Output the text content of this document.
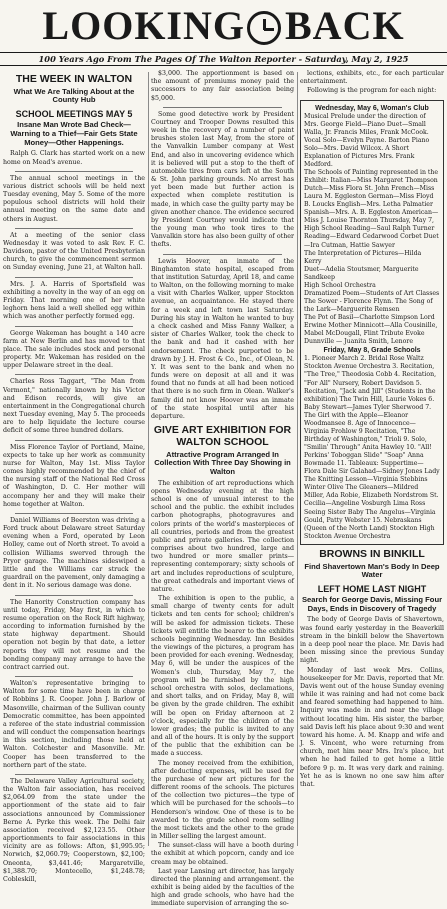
LOOKING BACK
100 Years Ago From The Pages Of The Walton Reporter - Saturday, May 2, 1925
THE WEEK IN WALTON
What We Are Talking About at the County Hub
SCHOOL MEETINGS MAY 5
Insane Man Wrote Bad Check—Warning to a Thief—Fair Gets State Money—Other Happenings.

Ralph G. Clark has started work on a new home on Mead's avenue.

The annual school meetings in the various district schools will be held next Tuesday evening, May 5. Some of the more populous school districts will hold their annual meeting on the same date and others in August.

At a meeting of the senior class Wednesday it was voted to ask Rev. F. C. Davidson, pastor of the United Presbyterian church, to give the commencement sermon on Sunday evening, June 21, at Walton hall.

Mrs. J. A. Harris of Sportsfield was exhibiting a novelty in the way of an egg on Friday. That morning one of her white leghorn hens laid a well shelled egg within which was another perfectly formed egg.

George Wakeman has bought a 140 acre farm at New Berlin and has moved to that place. The sale includes stock and personal property. Mr. Wakeman has resided on the upper Delaware street in the deal.

Charles Ross Taggart, "The Man from Vermont," nationally known by his Victor and Edison records, will give an entertainment in the Congregational church next Tuesday evening, May 5. The proceeds are to help liquidate the lecture course deficit of some three hundred dollars.

Miss Florence Taylor of Portland, Maine, expects to take up her work as community nurse for Walton, May 1st. Miss Taylor comes highly recommended by the chief of the nursing staff of the National Red Cross of Washington, D. C. Her mother will accompany her and they will make their home together at Walton.

Daniel Williams of Beerston was driving a Ford truck about Delaware street Saturday evening when a Ford, operated by Leon Holley, came out of North street. To avoid a collision Williams swerved through the Pryor garage. The machines sideswiped a little and the Williams car struck the guardrail on the pavement, only damaging a dent in it. No serious damage was done.

The Hanority Construction company has until today, Friday, May first, in which to resume operation on the Rock Rift highway, according to information furnished by the state highway department. Should operation not begin by that date, a letter reports they will not resume and the bonding company may arrange to have the contract carried out.

Walton's representative bringing to Walton for some time have been in charge of Robbins J. R. Cooper. John J. Barlow of Masonville, chairman of the Sullivan county Democratic committee, has been appointed a referee of the state industrial commission and will conduct the compensation hearings in this section, including those held at Walton. Colchester and Masonville. Mr. Cooper has been transferred to the northern part of the state.

The Delaware Valley Agricultural society, the Walton fair association, has received $2,064.09 from the state under the apportionment of the state aid to fair associations announced by Commissioner Berne A. Pyrke this week. The Delhi fair association received $2,123.55. Other apportionments to fair associations in this vicinity are as follows: Afton, $1,995.95; Norwich, $2,060.79; Cooperstown, $2,100; Oneonta, $3,441.46; Margaretville, $1,388.70; Montecello, $1,248.78; Cobleskill,

$3,000. The apportionment is based on the amount of premiums money paid the successors to any fair association being $5,000.

Some good detective work by President Courtney and Trooper Downs resulted this week in the recovery of a number of paint brushes stolen last May, from the store of the Vanvalkin Lumber company at West End, and also in uncovering evidence which it is believed will put a stop to the theft of automobile tires from cars left at the South & St. John parking grounds. No arrest has yet been made but further action is expected when complete restitution is made, in which case the guilty party may be given another chance. The evidence secured by President Courtney would indicate that the young man who took tires to the Vanvalkin store has also been guilty of other thefts.

Lewis Hoover, an inmate of the Binghamton state hospital, escaped from that institution Saturday, April 18, and came to Walton, on the following morning to make a visit with Charles Walker, upper Stockton avenue, an acquaintance. He stayed there for a week and left town last Saturday. During his stay in Walton he wanted to buy a check cashed and Miss Fanny Walker, a sister of Charles Walker, took the check to the bank and had it cashed with her endorsement. The check purported to be drawn by J. H. Frost & Co., Inc., of Olean, N. Y. It was sent to the bank and when no funds were on deposit at all and it was found that no funds at all had been noticed that there is no such firm in Olean. Walker's family did not know Hoover was an inmate of the state hospital until after his departure.

GIVE ART EXHIBITION FOR WALTON SCHOOL
Attractive Program Arranged In Collection With Three Day Showing in Walton

The exhibition of art reproductions which opens Wednesday evening at the high school is one of unusual interest to the school and the public. the exhibit includes carbon photographs, photogravures and colors prints of the world's masterpieces of all countries, periods and from the greatest public and private galleries. The collection comprises about two hundred, large and two hundred or more smaller prints—representing contemporary; sixty schools of art and includes reproductions of sculpture, the great cathedrals and important views of nature.

The exhibition is open to the public, a small charge of twenty cents for adult tickets and ten cents for school; children's will be asked for admission tickets. These tickets will entitle the bearer to the exhibits schools beginning Wednesday. Inn Besides the viewings of the pictures, a program has been provided for each evening. Wednesday, May 6, will be under the auspices of the Women's club, Thursday, May 7, the program will be furnished by the high school orchestra with solos, declamations, and short talks, and on Friday, May 8, will be given by the grade children. The exhibit will be open on Friday afternoon at 2 o'clock, especially for the children of the lower grades; the public is invited to any and all of the hours. It is only by the support of the public that the exhibition can be made a success.

The money received from the exhibition, after deducting expenses, will be used for the purchase of new art pictures for the different rooms of the schools. The pictures of the collection two pictures—the type of which will be purchased for the schools—to Henderson's window. One of these is to be awarded to the grade school room selling the most tickets and the other to the grade in Miller selling the largest amount.

The sunset-class will have a booth during the exhibit at which popcorn, candy and ice cream may be obtained.

Last year Lansing art director, has largely directed the planning and arrangement. the exhibit is being aided by the faculties of the high and grade schools, who have had the immediate supervision of arranging the so-

lections, exhibits, etc., for each particular entertainment.

Following is the program for each night:

Wednesday, May 6, Woman's Club
Musical Prelude under the direction of Mrs. George Field—Piano Duet—Small Walla, Jr. Francis Miles, Frank McCook. Vocal Solo—Evelyn Payne. Barton Piano Solo—Mrs. David Wilcox. A Short Explanation of Pictures Mrs. Frank Medford.
The Schools of Painting represented in the Exhibit: Italian—Miss Margaret Thompson Dutch—Miss Flora St. John French—Miss Laura M. Eggleston German—Miss Floyd B. Loucks English—Mrs. Letha Palmatier Spanish—Mrs. A. B. Eggleston American—Miss J. Louise Thornton Thursday, May 7, High School Reading—Saul Ralph Turner Reading—Edward Cedarwood Corbet Duet—Ira Cutman, Hattie Sawyer
The Interpretation of Pictures—Hilda Kerry
Duet—Adelia Stoutsmer, Marguerite Sandkeep
High School Orchestra
Dramatized Poem—Students of Art Classes
The Sower - Florence Flynn. The Song of the Lark—Marguerite Remsen
The Pot of Basil—Charlotte Simpson Lord Erwine Mother Minnicott—Alla Cousinille, Mabel McDougall, Flint Tribute Evoke Dunnville — Juanita Smith, Lenore
Friday, May 8, Grade Schools
1. Pioneer March 2. Bridal Rose Waltz Stockton Avenue Orchestra 3. Recitation, "The Tree," Theodosia Cobb 4. Recitation, "For All" Nursery, Robert Davidson 5. Recitation, "Jack and Jill" (Students in the exhibition) The Twin Hill, Laurie Vokes 6. Baby Stewart—James Tyler Sherwood 7. The Girl with the Apple—Eleanor Woodmansee 8. Age of Innocence—Virginia Frohlow 9 Recitation, "The Birthday of Washington," Trioli 9. Solo, "Smilin' Through" Anita Hawley 10. "All! Perkins' Toboggan Slide" "Soap" Anna Bowmade 11. Tableaux: Suppertime—Flora Dale Sir Galahad—Sidney Jones Lady The Knitting Lesson—Virginia Stebbins Winter Olive The Gleaners—Mildred Miller, Ada Robie, Elizabeth Nordstrom St. Cecilia—Angeline Vosburgh Lima Ross Seeing Sister Baby The Angelus—Virginia Gould, Patty Webster 15. Nebraskans (Queen of the North Land) Stockton High Stockton Avenue Orchestra
BROWNS IN BINKILL
Find Shavertown Man's Body In Deep Water
LEFT HOME LAST NIGHT
Search for George Davis, Missing Four Days, Ends in Discovery of Tragedy

The body of George Davis of Shavertown, was found early yesterday in the Beaverkill stream in the binkill below the Shavertown in a deep pool near the place. Mr. Davis had been missing since the previous Sunday night.

Monday of last week Mrs. Collins, housekeeper for Mr. Davis, reported that Mr. Davis went out of the house Sunday evening while it was raining and had not come back and feared something had happened to him. Inquiry was made in and near the village without locating him. His sister, the barber, said Davis left his place about 9:30 and went toward his home. A. M. Knapp and wife and J. S. Vincent, who were returning from church, met him near Mrs. Ira's place, but when he had failed to get home a little before 9 p. m. It was very dark and raining. Yet he as is known no one saw him after that.
